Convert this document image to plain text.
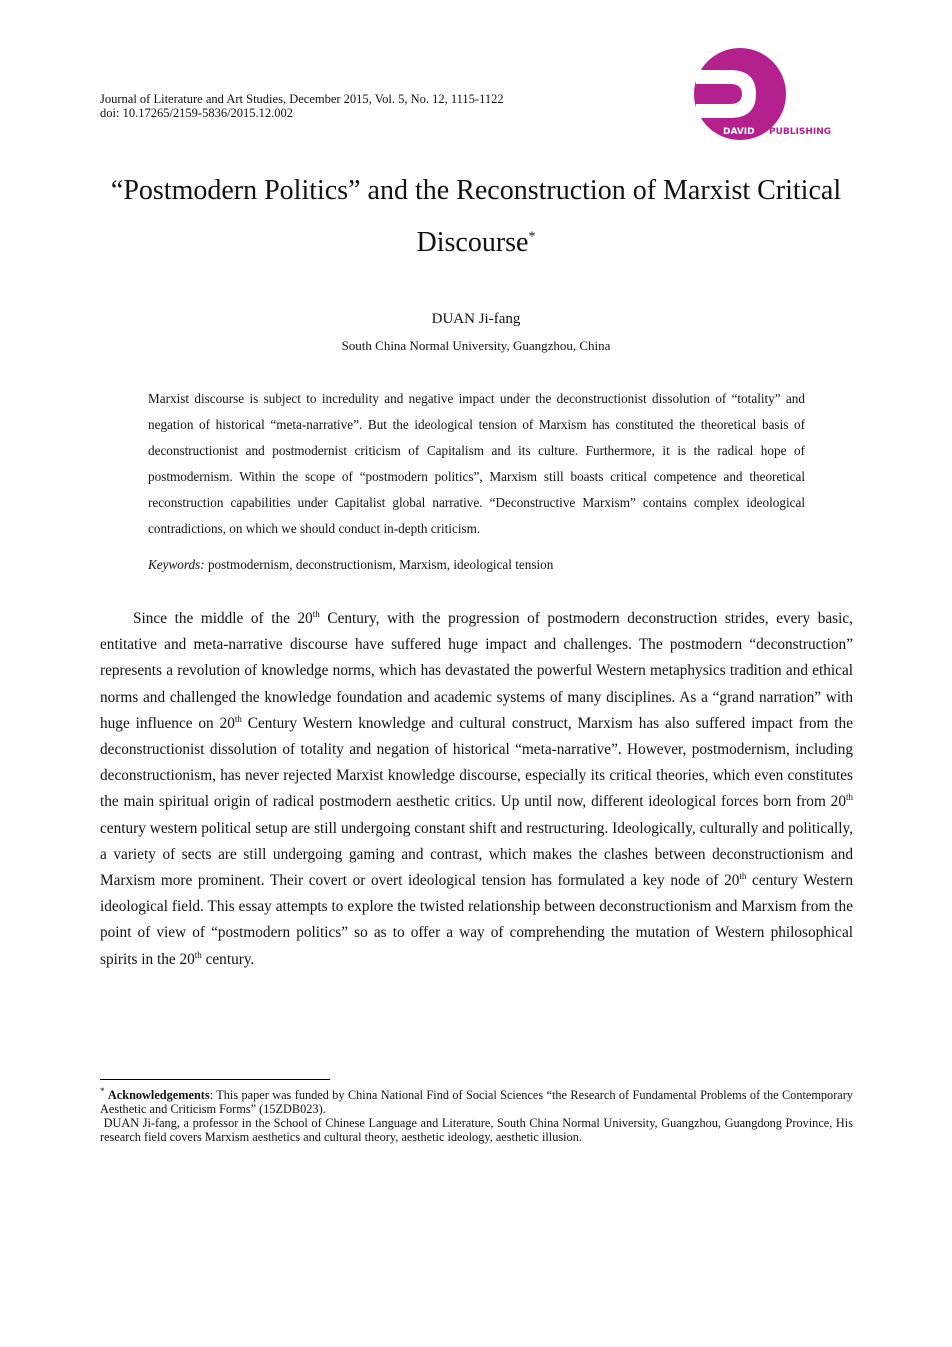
Journal of Literature and Art Studies, December 2015, Vol. 5, No. 12, 1115-1122
doi: 10.17265/2159-5836/2015.12.002
DAVID PUBLISHING
“Postmodern Politics” and the Reconstruction of Marxist Critical Discourse*
DUAN Ji-fang
South China Normal University, Guangzhou, China

Marxist discourse is subject to incredulity and negative impact under the deconstructionist dissolution of “totality” and negation of historical “meta-narrative”. But the ideological tension of Marxism has constituted the theoretical basis of deconstructionist and postmodernist criticism of Capitalism and its culture. Furthermore, it is the radical hope of postmodernism. Within the scope of “postmodern politics”, Marxism still boasts critical competence and theoretical reconstruction capabilities under Capitalist global narrative. “Deconstructive Marxism” contains complex ideological contradictions, on which we should conduct in-depth criticism.

Keywords: postmodernism, deconstructionism, Marxism, ideological tension

Since the middle of the 20th Century, with the progression of postmodern deconstruction strides, every basic, entitative and meta-narrative discourse have suffered huge impact and challenges. The postmodern “deconstruction” represents a revolution of knowledge norms, which has devastated the powerful Western metaphysics tradition and ethical norms and challenged the knowledge foundation and academic systems of many disciplines. As a “grand narration” with huge influence on 20th Century Western knowledge and cultural construct, Marxism has also suffered impact from the deconstructionist dissolution of totality and negation of historical “meta-narrative”. However, postmodernism, including deconstructionism, has never rejected Marxist knowledge discourse, especially its critical theories, which even constitutes the main spiritual origin of radical postmodern aesthetic critics. Up until now, different ideological forces born from 20th century western political setup are still undergoing constant shift and restructuring. Ideologically, culturally and politically, a variety of sects are still undergoing gaming and contrast, which makes the clashes between deconstructionism and Marxism more prominent. Their covert or overt ideological tension has formulated a key node of 20th century Western ideological field. This essay attempts to explore the twisted relationship between deconstructionism and Marxism from the point of view of “postmodern politics” so as to offer a way of comprehending the mutation of Western philosophical spirits in the 20th century.

* Acknowledgements: This paper was funded by China National Find of Social Sciences “the Research of Fundamental Problems of the Contemporary Aesthetic and Criticism Forms” (15ZDB023).

DUAN Ji-fang, a professor in the School of Chinese Language and Literature, South China Normal University, Guangzhou, Guangdong Province, His research field covers Marxism aesthetics and cultural theory, aesthetic ideology, aesthetic illusion.
